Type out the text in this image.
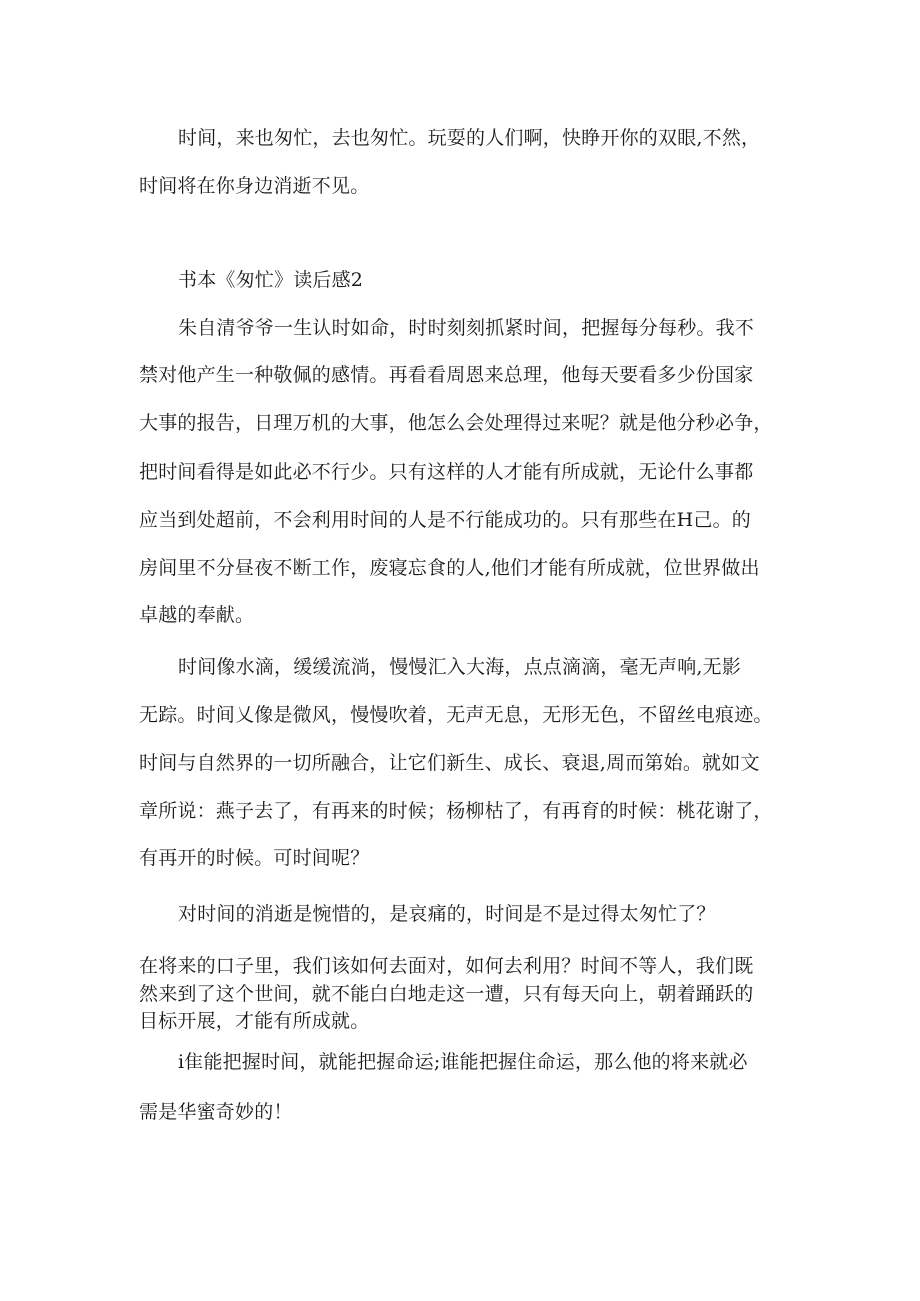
时间，来也匆忙，去也匆忙。玩耍的人们啊，快睁开你的双眼,不然，
时间将在你身边消逝不见。
书本《匆忙》读后感2
朱自清爷爷一生认时如命，时时刻刻抓紧时间，把握每分每秒。我不
禁对他产生一种敬佩的感情。再看看周恩来总理，他每天要看多少份国家
大事的报告，日理万机的大事，他怎么会处理得过来呢？就是他分秒必争，
把时间看得是如此必不行少。只有这样的人才能有所成就，无论什么事都
应当到处超前，不会利用时间的人是不行能成功的。只有那些在H己。的
房间里不分昼夜不断工作，废寝忘食的人,他们才能有所成就，位世界做出
卓越的奉献。
时间像水滴，缓缓流淌，慢慢汇入大海，点点滴滴，毫无声响,无影
无踪。时间乂像是微风，慢慢吹着，无声无息，无形无色，不留丝电痕迹。
时间与自然界的一切所融合，让它们新生、成长、衰退,周而第始。就如文
章所说：燕子去了，有再来的时候；杨柳枯了，有再育的时候：桃花谢了，
有再开的时候。可时间呢？
对时间的消逝是惋惜的，是哀痛的，时间是不是过得太匆忙了？
在将来的口子里，我们该如何去面对，如何去利用？时间不等人，我们既
然来到了这个世间，就不能白白地走这一遭，只有每天向上，朝着踊跃的
目标开展，才能有所成就。
i隹能把握时间，就能把握命运;谁能把握住命运，那么他的将来就必
需是华蜜奇妙的！
